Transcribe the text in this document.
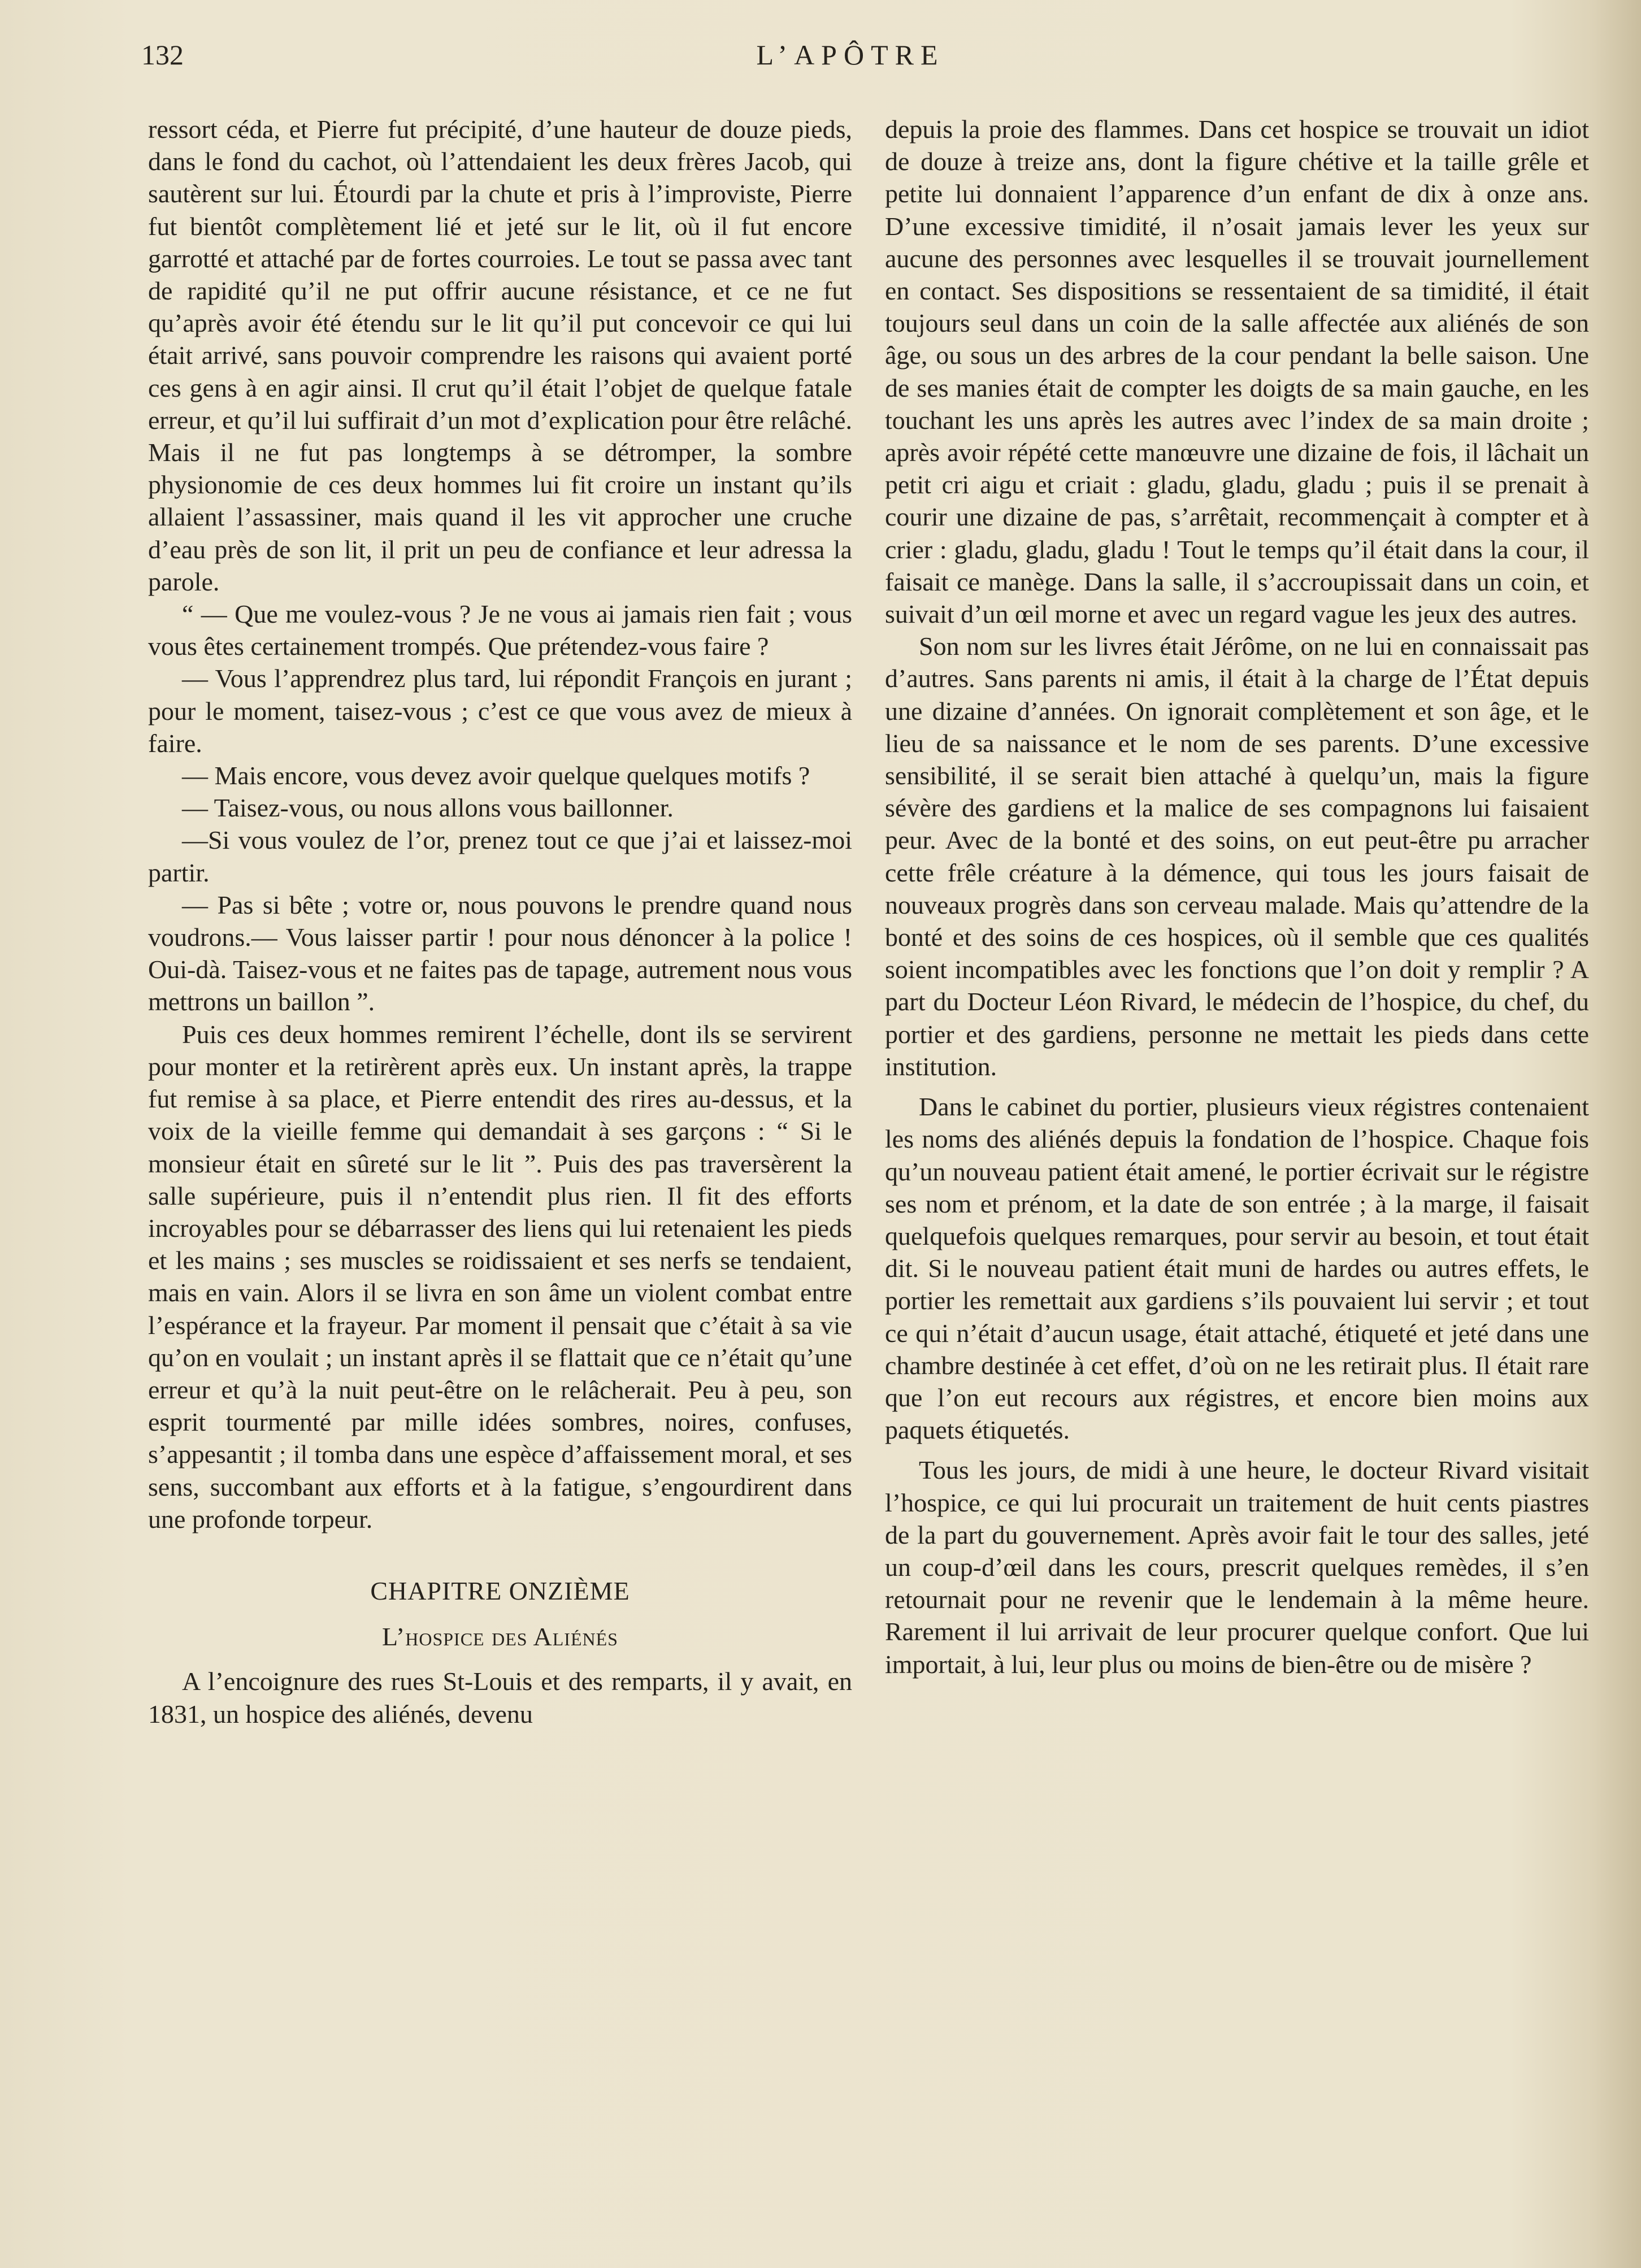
132	L’APÔTRE

ressort céda, et Pierre fut précipité, d’une hauteur de douze pieds, dans le fond du cachot, où l’attendaient les deux frères Jacob, qui sautèrent sur lui. Étourdi par la chute et pris à l’improviste, Pierre fut bientôt complètement lié et jeté sur le lit, où il fut encore garrotté et attaché par de fortes courroies. Le tout se passa avec tant de rapidité qu’il ne put offrir aucune résistance, et ce ne fut qu’après avoir été étendu sur le lit qu’il put concevoir ce qui lui était arrivé, sans pouvoir comprendre les raisons qui avaient porté ces gens à en agir ainsi. Il crut qu’il était l’objet de quelque fatale erreur, et qu’il lui suffirait d’un mot d’explication pour être relâché. Mais il ne fut pas longtemps à se détromper, la sombre physionomie de ces deux hommes lui fit croire un instant qu’ils allaient l’assassiner, mais quand il les vit approcher une cruche d’eau près de son lit, il prit un peu de confiance et leur adressa la parole.

“ — Que me voulez-vous ? Je ne vous ai jamais rien fait ; vous vous êtes certainement trompés. Que prétendez-vous faire ?

— Vous l’apprendrez plus tard, lui répondit François en jurant ; pour le moment, taisez-vous ; c’est ce que vous avez de mieux à faire.

— Mais encore, vous devez avoir quelque quelques motifs ?

— Taisez-vous, ou nous allons vous baillonner.

—Si vous voulez de l’or, prenez tout ce que j’ai et laissez-moi partir.

— Pas si bête ; votre or, nous pouvons le prendre quand nous voudrons.— Vous laisser partir ! pour nous dénoncer à la police ! Oui-dà. Taisez-vous et ne faites pas de tapage, autrement nous vous mettrons un baillon ”.

Puis ces deux hommes remirent l’échelle, dont ils se servirent pour monter et la retirèrent après eux. Un instant après, la trappe fut remise à sa place, et Pierre entendit des rires au-dessus, et la voix de la vieille femme qui demandait à ses garçons : “ Si le monsieur était en sûreté sur le lit ”. Puis des pas traversèrent la salle supérieure, puis il n’entendit plus rien. Il fit des efforts incroyables pour se débarrasser des liens qui lui retenaient les pieds et les mains ; ses muscles se roidissaient et ses nerfs se tendaient, mais en vain. Alors il se livra en son âme un violent combat entre l’espérance et la frayeur. Par moment il pensait que c’était à sa vie qu’on en voulait ; un instant après il se flattait que ce n’était qu’une erreur et qu’à la nuit peut-être on le relâcherait. Peu à peu, son esprit tourmenté par mille idées sombres, noires, confuses, s’appesantit ; il tomba dans une espèce d’affaissement moral, et ses sens, succombant aux efforts et à la fatigue, s’engourdirent dans une profonde torpeur.

CHAPITRE ONZIÈME
L’hospice des Aliénés

A l’encoignure des rues St-Louis et des remparts, il y avait, en 1831, un hospice des aliénés, devenu

depuis la proie des flammes. Dans cet hospice se trouvait un idiot de douze à treize ans, dont la figure chétive et la taille grêle et petite lui donnaient l’apparence d’un enfant de dix à onze ans. D’une excessive timidité, il n’osait jamais lever les yeux sur aucune des personnes avec lesquelles il se trouvait journellement en contact. Ses dispositions se ressentaient de sa timidité, il était toujours seul dans un coin de la salle affectée aux aliénés de son âge, ou sous un des arbres de la cour pendant la belle saison. Une de ses manies était de compter les doigts de sa main gauche, en les touchant les uns après les autres avec l’index de sa main droite ; après avoir répété cette manœuvre une dizaine de fois, il lâchait un petit cri aigu et criait : gladu, gladu, gladu ; puis il se prenait à courir une dizaine de pas, s’arrêtait, recommençait à compter et à crier : gladu, gladu, gladu ! Tout le temps qu’il était dans la cour, il faisait ce manège. Dans la salle, il s’accroupissait dans un coin, et suivait d’un œil morne et avec un regard vague les jeux des autres.

Son nom sur les livres était Jérôme, on ne lui en connaissait pas d’autres. Sans parents ni amis, il était à la charge de l’État depuis une dizaine d’années. On ignorait complètement et son âge, et le lieu de sa naissance et le nom de ses parents. D’une excessive sensibilité, il se serait bien attaché à quelqu’un, mais la figure sévère des gardiens et la malice de ses compagnons lui faisaient peur. Avec de la bonté et des soins, on eut peut-être pu arracher cette frêle créature à la démence, qui tous les jours faisait de nouveaux progrès dans son cerveau malade. Mais qu’attendre de la bonté et des soins de ces hospices, où il semble que ces qualités soient incompatibles avec les fonctions que l’on doit y remplir ? A part du Docteur Léon Rivard, le médecin de l’hospice, du chef, du portier et des gardiens, personne ne mettait les pieds dans cette institution.

Dans le cabinet du portier, plusieurs vieux régistres contenaient les noms des aliénés depuis la fondation de l’hospice. Chaque fois qu’un nouveau patient était amené, le portier écrivait sur le régistre ses nom et prénom, et la date de son entrée ; à la marge, il faisait quelquefois quelques remarques, pour servir au besoin, et tout était dit. Si le nouveau patient était muni de hardes ou autres effets, le portier les remettait aux gardiens s’ils pouvaient lui servir ; et tout ce qui n’était d’aucun usage, était attaché, étiqueté et jeté dans une chambre destinée à cet effet, d’où on ne les retirait plus. Il était rare que l’on eut recours aux régistres, et encore bien moins aux paquets étiquetés.

Tous les jours, de midi à une heure, le docteur Rivard visitait l’hospice, ce qui lui procurait un traitement de huit cents piastres de la part du gouvernement. Après avoir fait le tour des salles, jeté un coup-d’œil dans les cours, prescrit quelques remèdes, il s’en retournait pour ne revenir que le lendemain à la même heure. Rarement il lui arrivait de leur procurer quelque confort. Que lui importait, à lui, leur plus ou moins de bien-être ou de misère ?
